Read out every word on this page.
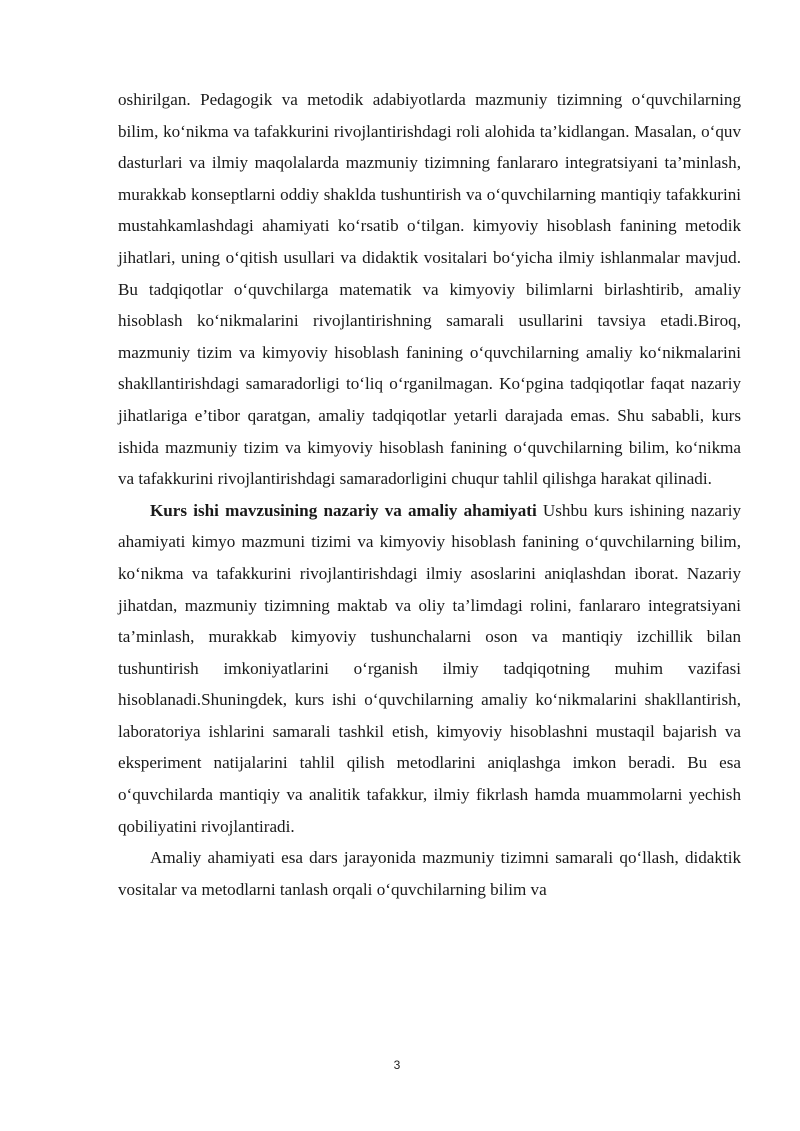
oshirilgan. Pedagogik va metodik adabiyotlarda mazmuniy tizimning o‘quvchilarning bilim, ko‘nikma va tafakkurini rivojlantirishdagi roli alohida ta’kidlangan. Masalan, o‘quv dasturlari va ilmiy maqolalarda mazmuniy tizimning fanlararo integratsiyani ta’minlash, murakkab konseptlarni oddiy shaklda tushuntirish va o‘quvchilarning mantiqiy tafakkurini mustahkamlashdagi ahamiyati ko‘rsatib o‘tilgan. kimyoviy hisoblash fanining metodik jihatlari, uning o‘qitish usullari va didaktik vositalari bo‘yicha ilmiy ishlanmalar mavjud. Bu tadqiqotlar o‘quvchilarga matematik va kimyoviy bilimlarni birlashtirib, amaliy hisoblash ko‘nikmalarini rivojlantirishning samarali usullarini tavsiya etadi.Biroq, mazmuniy tizim va kimyoviy hisoblash fanining o‘quvchilarning amaliy ko‘nikmalarini shakllantirishdagi samaradorligi to‘liq o‘rganilmagan. Ko‘pgina tadqiqotlar faqat nazariy jihatlariga e’tibor qaratgan, amaliy tadqiqotlar yetarli darajada emas. Shu sababli, kurs ishida mazmuniy tizim va kimyoviy hisoblash fanining o‘quvchilarning bilim, ko‘nikma va tafakkurini rivojlantirishdagi samaradorligini chuqur tahlil qilishga harakat qilinadi.

Kurs ishi mavzusining nazariy va amaliy ahamiyati Ushbu kurs ishining nazariy ahamiyati kimyo mazmuni tizimi va kimyoviy hisoblash fanining o‘quvchilarning bilim, ko‘nikma va tafakkurini rivojlantirishdagi ilmiy asoslarini aniqlashdan iborat. Nazariy jihatdan, mazmuniy tizimning maktab va oliy ta’limdagi rolini, fanlararo integratsiyani ta’minlash, murakkab kimyoviy tushunchalarni oson va mantiqiy izchillik bilan tushuntirish imkoniyatlarini o‘rganish ilmiy tadqiqotning muhim vazifasi hisoblanadi.Shuningdek, kurs ishi o‘quvchilarning amaliy ko‘nikmalarini shakllantirish, laboratoriya ishlarini samarali tashkil etish, kimyoviy hisoblashni mustaqil bajarish va eksperiment natijalarini tahlil qilish metodlarini aniqlashga imkon beradi. Bu esa o‘quvchilarda mantiqiy va analitik tafakkur, ilmiy fikrlash hamda muammolarni yechish qobiliyatini rivojlantiradi.

Amaliy ahamiyati esa dars jarayonida mazmuniy tizimni samarali qo‘llash, didaktik vositalar va metodlarni tanlash orqali o‘quvchilarning bilim va

3
